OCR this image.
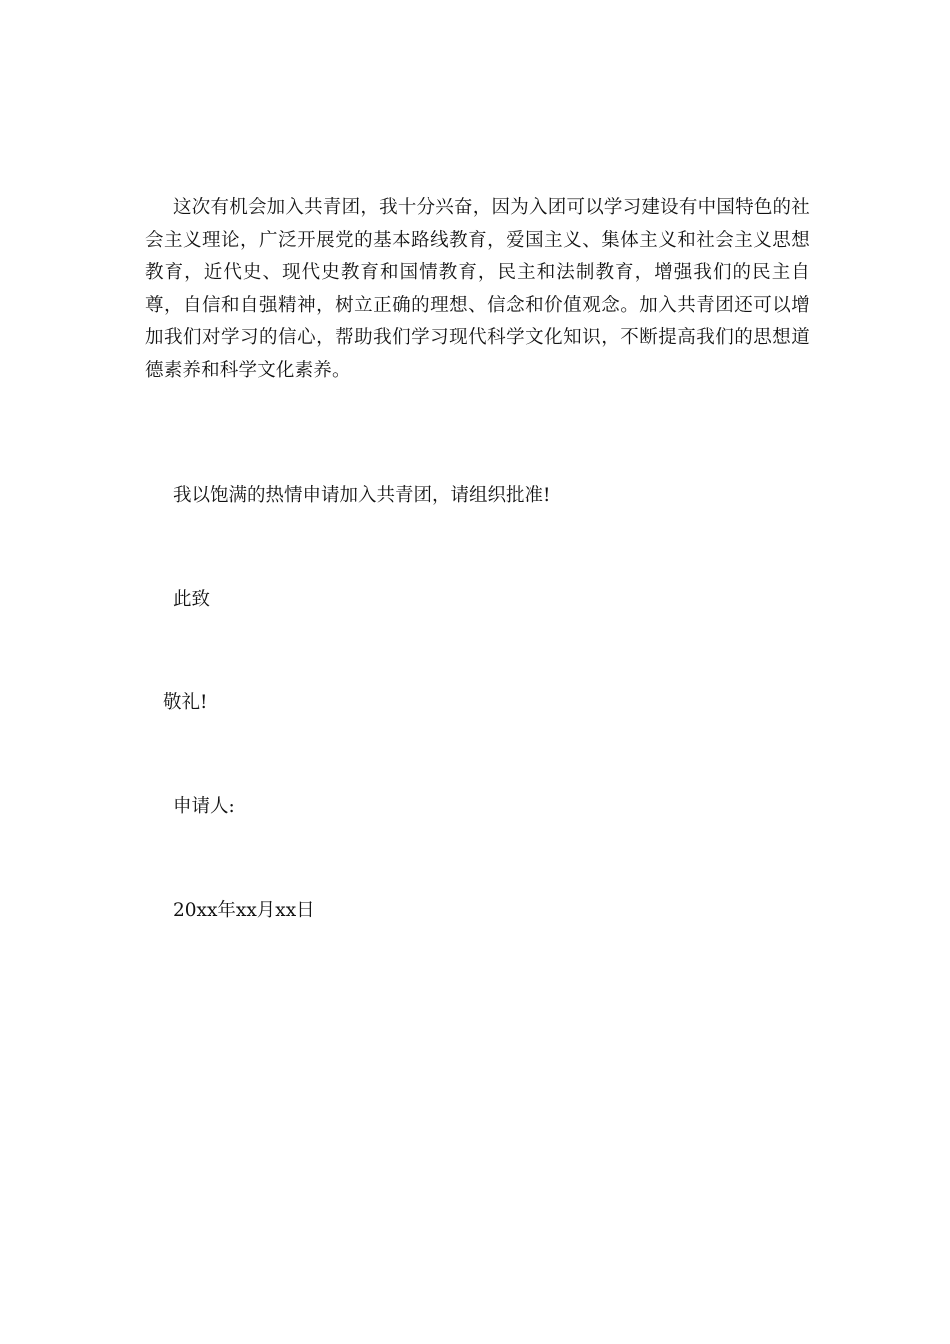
这次有机会加入共青团，我十分兴奋，因为入团可以学习建设有中国特色的社会主义理论，广泛开展党的基本路线教育，爱国主义、集体主义和社会主义思想教育，近代史、现代史教育和国情教育，民主和法制教育，增强我们的民主自尊，自信和自强精神，树立正确的理想、信念和价值观念。加入共青团还可以增加我们对学习的信心，帮助我们学习现代科学文化知识，不断提高我们的思想道德素养和科学文化素养。

我以饱满的热情申请加入共青团，请组织批准!

此致

敬礼!

申请人:

20xx年xx月xx日
